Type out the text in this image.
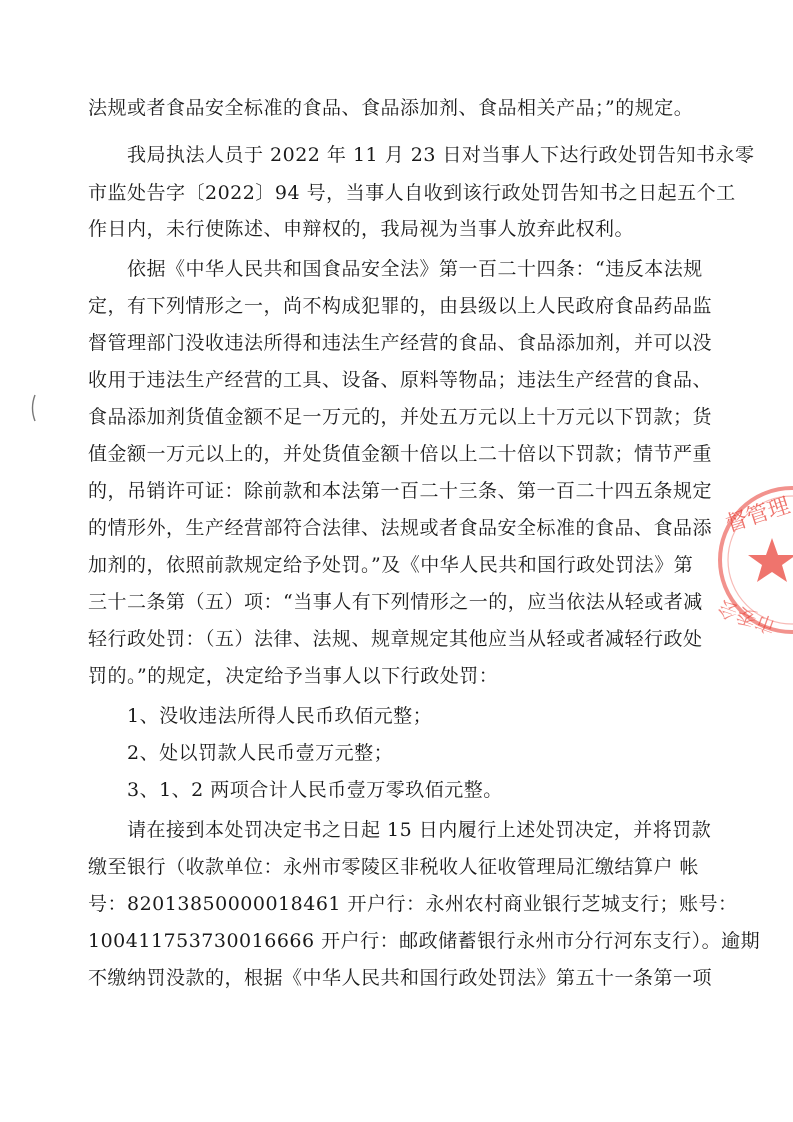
法规或者食品安全标准的食品、食品添加剂、食品相关产品；”的规定。
我局执法人员于 2022 年 11 月 23 日对当事人下达行政处罚告知书永零
市监处告字〔2022〕94 号，当事人自收到该行政处罚告知书之日起五个工
作日内，未行使陈述、申辩权的，我局视为当事人放弃此权利。
依据《中华人民共和国食品安全法》第一百二十四条：“违反本法规
定，有下列情形之一，尚不构成犯罪的，由县级以上人民政府食品药品监
督管理部门没收违法所得和违法生产经营的食品、食品添加剂，并可以没
收用于违法生产经营的工具、设备、原料等物品；违法生产经营的食品、
食品添加剂货值金额不足一万元的，并处五万元以上十万元以下罚款；货
值金额一万元以上的，并处货值金额十倍以上二十倍以下罚款；情节严重
的，吊销许可证：除前款和本法第一百二十三条、第一百二十四五条规定
的情形外，生产经营部符合法律、法规或者食品安全标准的食品、食品添
加剂的，依照前款规定给予处罚。”及《中华人民共和国行政处罚法》第
三十二条第（五）项：“当事人有下列情形之一的，应当依法从轻或者减
轻行政处罚：（五）法律、法规、规章规定其他应当从轻或者减轻行政处
罚的。”的规定，决定给予当事人以下行政处罚：
1、没收违法所得人民币玖佰元整；
2、处以罚款人民币壹万元整；
3、1、2 两项合计人民币壹万零玖佰元整。
请在接到本处罚决定书之日起 15 日内履行上述处罚决定，并将罚款
缴至银行（收款单位：永州市零陵区非税收人征收管理局汇缴结算户 帐
号：82013850000018461 开户行：永州农村商业银行芝城支行；账号：
100411753730016666 开户行：邮政储蓄银行永州市分行河东支行）。逾期
不缴纳罚没款的，根据《中华人民共和国行政处罚法》第五十一条第一项
督管理
市委会
